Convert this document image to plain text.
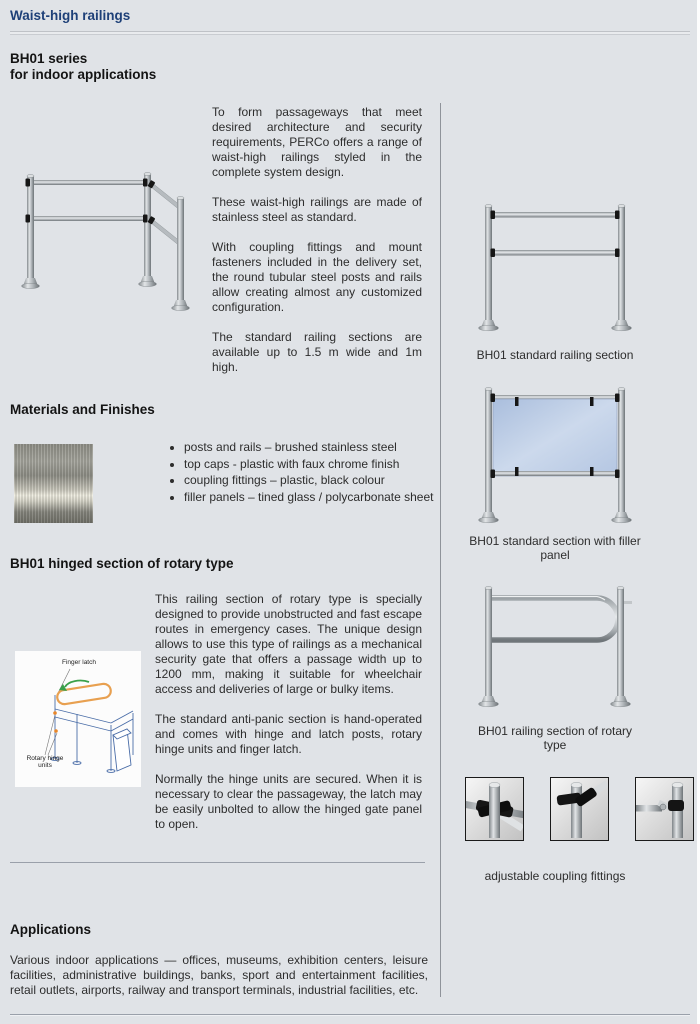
Waist-high railings
BH01 series
for indoor applications

To form passageways that meet desired architecture and security requirements, PERCo offers a range of waist-high railings styled in the complete system design.

These waist-high railings are made of stainless steel as standard.

With coupling fittings and mount fasteners included in the delivery set, the round tubular steel posts and rails allow creating almost any customized configuration.

The standard railing sections are available up to 1.5 m wide and 1m high.

BH01 standard railing section
Materials and Finishes
• posts and rails – brushed stainless steel
• top caps - plastic with faux chrome finish
• coupling fittings – plastic, black colour
• filler panels – tined glass / polycarbonate sheet
BH01 standard section with filler panel
BH01 hinged section of rotary type
Finger latch
Rotary hinge units

This railing section of rotary type is specially designed to provide unobstructed and fast escape routes in emergency cases. The unique design allows to use this type of railings as a mechanical security gate that offers a passage width up to 1200 mm, making it suitable for wheelchair access and deliveries of large or bulky items.

The standard anti-panic section is hand-operated and comes with hinge and latch posts, rotary hinge units and finger latch.

Normally the hinge units are secured. When it is necessary to clear the passageway, the latch may be easily unbolted to allow the hinged gate panel to open.

BH01 railing section of rotary type
adjustable coupling fittings
Applications
Various indoor applications — offices, museums, exhibition centers, leisure facilities, administrative buildings, banks, sport and entertainment facilities, retail outlets, airports, railway and transport terminals, industrial facilities, etc.
